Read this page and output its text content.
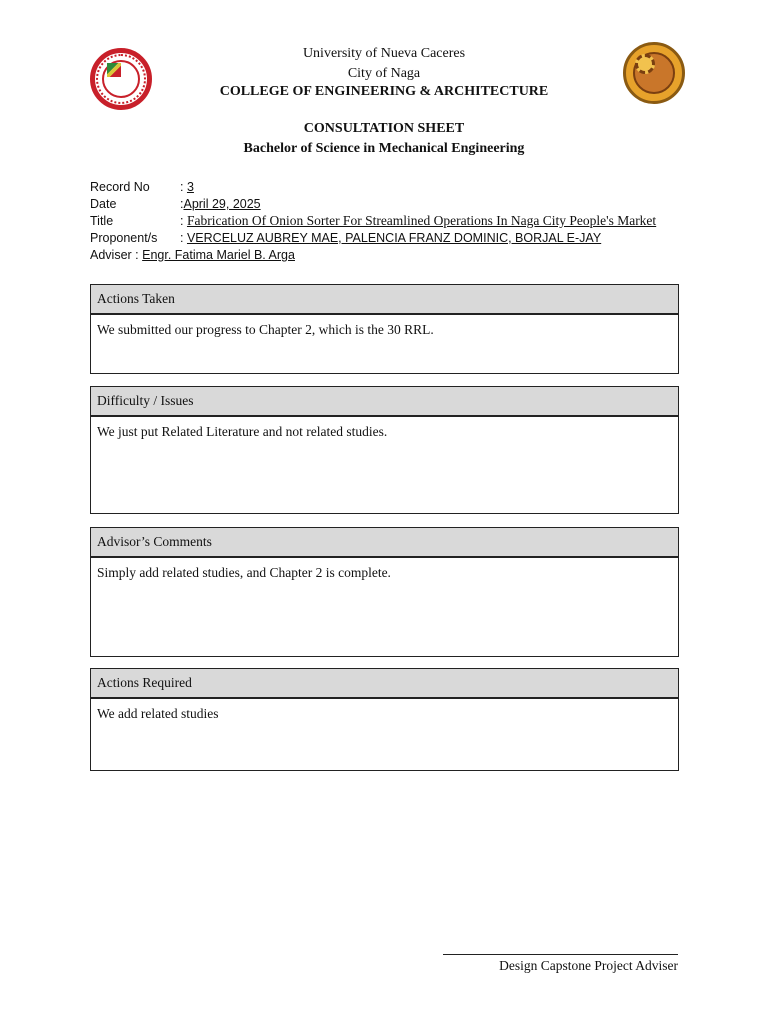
University of Nueva Caceres
City of Naga
COLLEGE OF ENGINEERING & ARCHITECTURE
CONSULTATION SHEET
Bachelor of Science in Mechanical Engineering
Record No : 3
Date	:April 29, 2025
Title	: Fabrication Of Onion Sorter For Streamlined Operations In Naga City People's Market
Proponent/s : VERCELUZ AUBREY MAE, PALENCIA FRANZ DOMINIC, BORJAL E-JAY
Adviser : Engr. Fatima Mariel B. Arga
Actions Taken
We submitted our progress to Chapter 2, which is the 30 RRL.
Difficulty / Issues
We just put Related Literature and not related studies.
Advisor’s Comments
Simply add related studies, and Chapter 2 is complete.
Actions Required
We add related studies
Design Capstone Project Adviser
